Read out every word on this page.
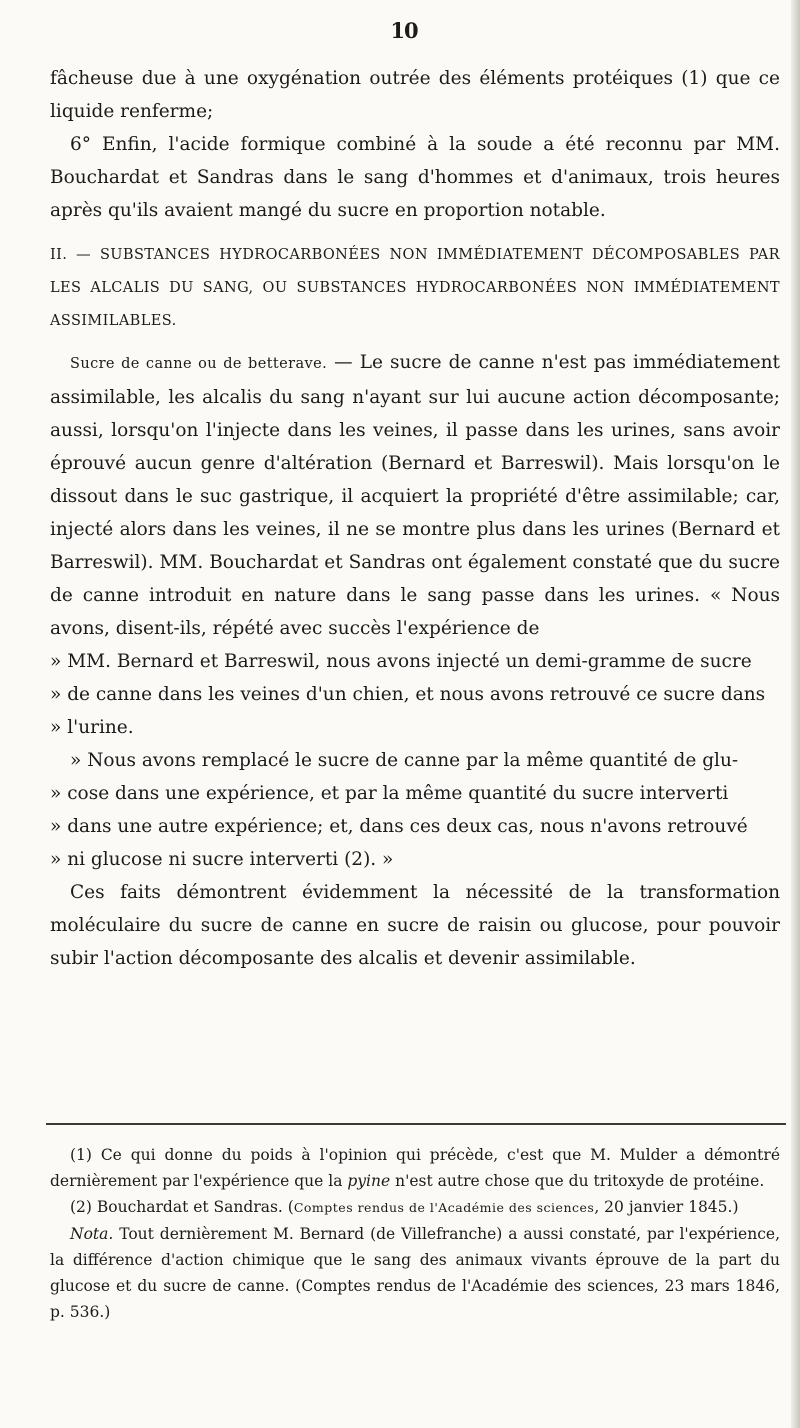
10

fâcheuse due à une oxygénation outrée des éléments protéiques (1) que ce liquide renferme;

6° Enfin, l'acide formique combiné à la soude a été reconnu par MM. Bouchardat et Sandras dans le sang d'hommes et d'animaux, trois heures après qu'ils avaient mangé du sucre en proportion notable.

II. — SUBSTANCES HYDROCARBONÉES NON IMMÉDIATEMENT DÉCOMPOSABLES PAR LES ALCALIS DU SANG, OU SUBSTANCES HYDROCARBONÉES NON IMMÉDIATEMENT ASSIMILABLES.

Sucre de canne ou de betterave. — Le sucre de canne n'est pas immédiatement assimilable, les alcalis du sang n'ayant sur lui aucune action décomposante; aussi, lorsqu'on l'injecte dans les veines, il passe dans les urines, sans avoir éprouvé aucun genre d'altération (Bernard et Barreswil). Mais lorsqu'on le dissout dans le suc gastrique, il acquiert la propriété d'être assimilable; car, injecté alors dans les veines, il ne se montre plus dans les urines (Bernard et Barreswil). MM. Bouchardat et Sandras ont également constaté que du sucre de canne introduit en nature dans le sang passe dans les urines. « Nous avons, disent-ils, répété avec succès l'expérience de

» MM. Bernard et Barreswil, nous avons injecté un demi-gramme de sucre

» de canne dans les veines d'un chien, et nous avons retrouvé ce sucre dans

» l'urine.

» Nous avons remplacé le sucre de canne par la même quantité de glu-

» cose dans une expérience, et par la même quantité du sucre interverti

» dans une autre expérience; et, dans ces deux cas, nous n'avons retrouvé

» ni glucose ni sucre interverti (2). »

Ces faits démontrent évidemment la nécessité de la transformation moléculaire du sucre de canne en sucre de raisin ou glucose, pour pouvoir subir l'action décomposante des alcalis et devenir assimilable.

(1) Ce qui donne du poids à l'opinion qui précède, c'est que M. Mulder a démontré dernièrement par l'expérience que la pyine n'est autre chose que du tritoxyde de protéine.

(2) Bouchardat et Sandras. (Comptes rendus de l'Académie des sciences, 20 janvier 1845.)

Nota. Tout dernièrement M. Bernard (de Villefranche) a aussi constaté, par l'expérience, la différence d'action chimique que le sang des animaux vivants éprouve de la part du glucose et du sucre de canne. (Comptes rendus de l'Académie des sciences, 23 mars 1846, p. 536.)
